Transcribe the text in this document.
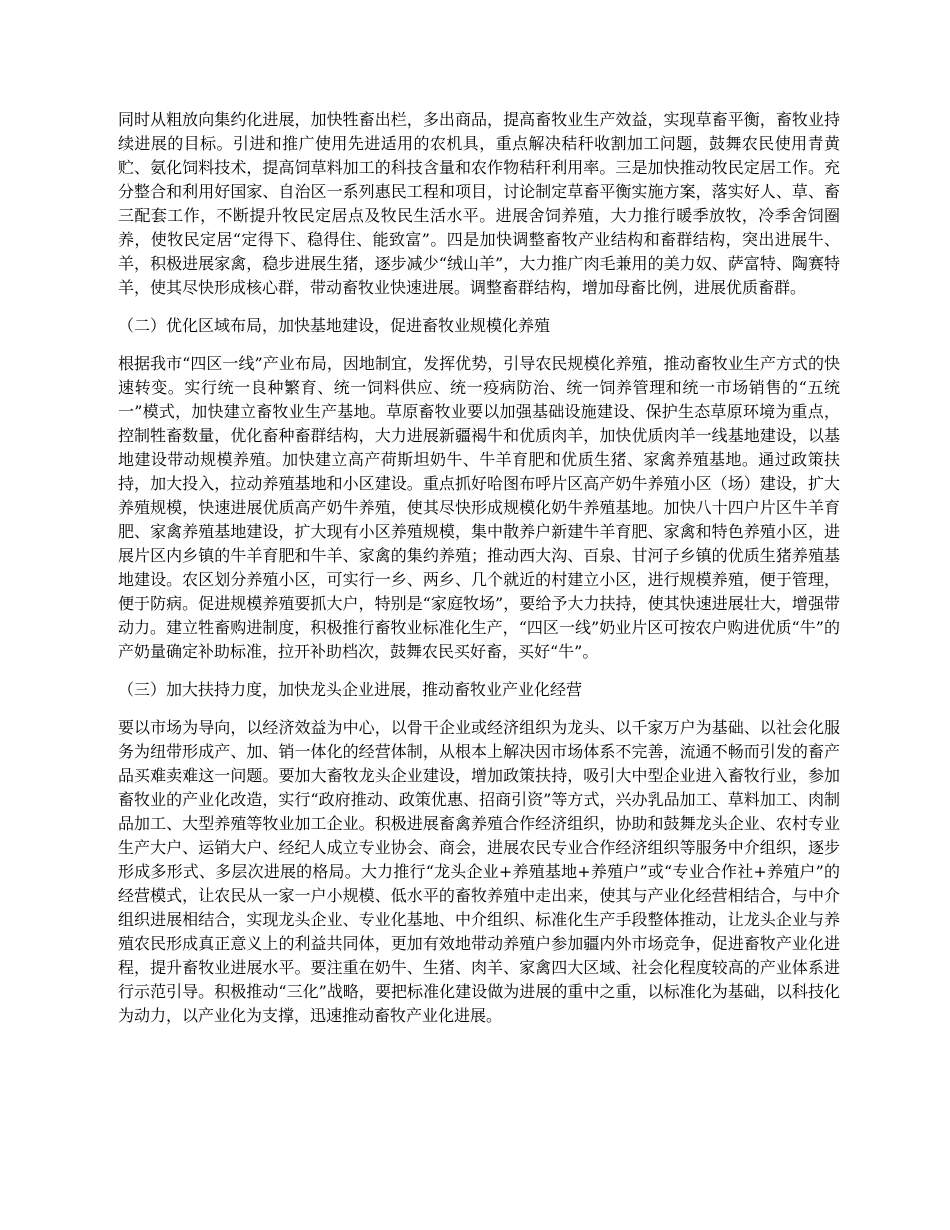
同时从粗放向集约化进展，加快牲畜出栏，多出商品，提高畜牧业生产效益，实现草畜平衡，畜牧业持续进展的目标。引进和推广使用先进适用的农机具，重点解决秸秆收割加工问题，鼓舞农民使用青黄贮、氨化饲料技术，提高饲草料加工的科技含量和农作物秸秆利用率。三是加快推动牧民定居工作。充分整合和利用好国家、自治区一系列惠民工程和项目，讨论制定草畜平衡实施方案，落实好人、草、畜三配套工作，不断提升牧民定居点及牧民生活水平。进展舍饲养殖，大力推行暖季放牧，冷季舍饲圈养，使牧民定居“定得下、稳得住、能致富”。四是加快调整畜牧产业结构和畜群结构，突出进展牛、羊，积极进展家禽，稳步进展生猪，逐步减少“绒山羊”，大力推广肉毛兼用的美力奴、萨富特、陶赛特羊，使其尽快形成核心群，带动畜牧业快速进展。调整畜群结构，增加母畜比例，进展优质畜群。

（二）优化区域布局，加快基地建设，促进畜牧业规模化养殖

根据我市“四区一线”产业布局，因地制宜，发挥优势，引导农民规模化养殖，推动畜牧业生产方式的快速转变。实行统一良种繁育、统一饲料供应、统一疫病防治、统一饲养管理和统一市场销售的“五统一”模式，加快建立畜牧业生产基地。草原畜牧业要以加强基础设施建设、保护生态草原环境为重点，控制牲畜数量，优化畜种畜群结构，大力进展新疆褐牛和优质肉羊，加快优质肉羊一线基地建设，以基地建设带动规模养殖。加快建立高产荷斯坦奶牛、牛羊育肥和优质生猪、家禽养殖基地。通过政策扶持，加大投入，拉动养殖基地和小区建设。重点抓好哈图布呼片区高产奶牛养殖小区（场）建设，扩大养殖规模，快速进展优质高产奶牛养殖，使其尽快形成规模化奶牛养殖基地。加快八十四户片区牛羊育肥、家禽养殖基地建设，扩大现有小区养殖规模，集中散养户新建牛羊育肥、家禽和特色养殖小区，进展片区内乡镇的牛羊育肥和牛羊、家禽的集约养殖；推动西大沟、百泉、甘河子乡镇的优质生猪养殖基地建设。农区划分养殖小区，可实行一乡、两乡、几个就近的村建立小区，进行规模养殖，便于管理，便于防病。促进规模养殖要抓大户，特别是“家庭牧场”，要给予大力扶持，使其快速进展壮大，增强带动力。建立牲畜购进制度，积极推行畜牧业标准化生产，“四区一线”奶业片区可按农户购进优质“牛”的产奶量确定补助标准，拉开补助档次，鼓舞农民买好畜，买好“牛”。

（三）加大扶持力度，加快龙头企业进展，推动畜牧业产业化经营

要以市场为导向，以经济效益为中心，以骨干企业或经济组织为龙头、以千家万户为基础、以社会化服务为纽带形成产、加、销一体化的经营体制，从根本上解决因市场体系不完善，流通不畅而引发的畜产品买难卖难这一问题。要加大畜牧龙头企业建设，增加政策扶持，吸引大中型企业进入畜牧行业，参加畜牧业的产业化改造，实行“政府推动、政策优惠、招商引资”等方式，兴办乳品加工、草料加工、肉制品加工、大型养殖等牧业加工企业。积极进展畜禽养殖合作经济组织，协助和鼓舞龙头企业、农村专业生产大户、运销大户、经纪人成立专业协会、商会，进展农民专业合作经济组织等服务中介组织，逐步形成多形式、多层次进展的格局。大力推行“龙头企业+养殖基地+养殖户”或“专业合作社+养殖户”的经营模式，让农民从一家一户小规模、低水平的畜牧养殖中走出来，使其与产业化经营相结合，与中介组织进展相结合，实现龙头企业、专业化基地、中介组织、标准化生产手段整体推动，让龙头企业与养殖农民形成真正意义上的利益共同体，更加有效地带动养殖户参加疆内外市场竞争，促进畜牧产业化进程，提升畜牧业进展水平。要注重在奶牛、生猪、肉羊、家禽四大区域、社会化程度较高的产业体系进行示范引导。积极推动“三化”战略，要把标准化建设做为进展的重中之重，以标准化为基础，以科技化为动力，以产业化为支撑，迅速推动畜牧产业化进展。
